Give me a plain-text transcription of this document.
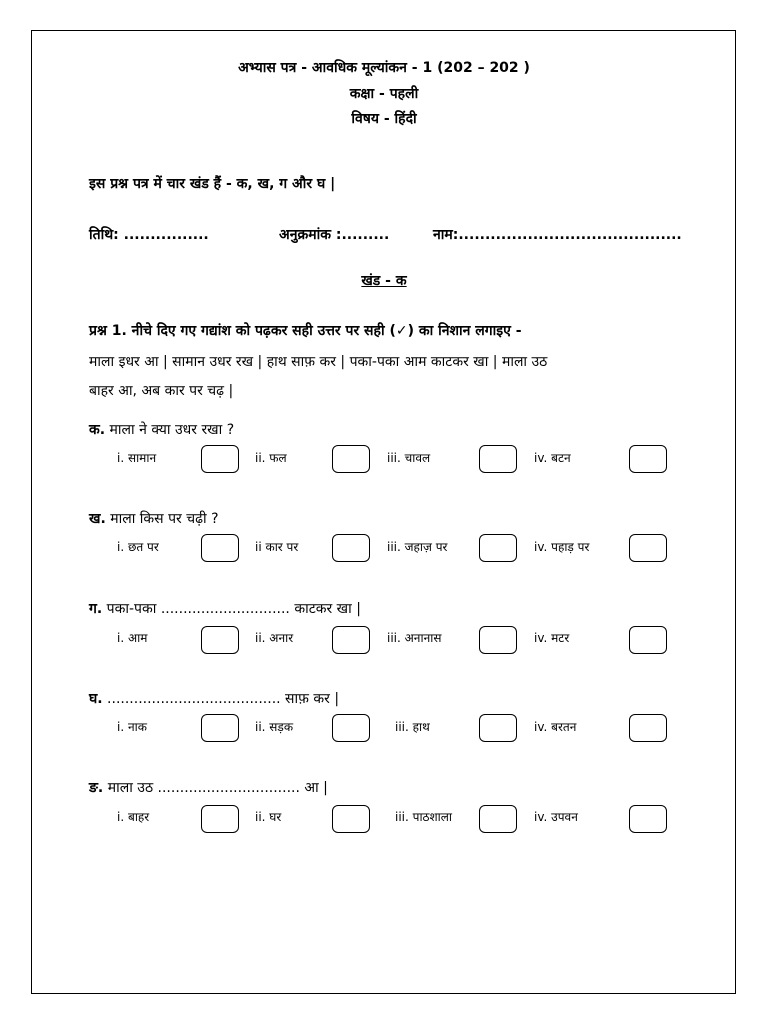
अभ्यास पत्र - आवधिक मूल्यांकन - 1 (202 – 202 )
कक्षा - पहली
विषय - हिंदी
इस प्रश्न पत्र में चार खंड हैं - क, ख, ग और घ |
तिथि: ................	अनुक्रमांक :.........	नाम:..........................................
खंड - क
प्रश्न 1. नीचे दिए गए गद्यांश को पढ़कर सही उत्तर पर सही (✓) का निशान लगाइए -
माला इधर आ | सामान उधर रख | हाथ साफ़ कर | पका-पका आम काटकर खा | माला उठ
बाहर आ, अब कार पर चढ़ |
क. माला ने क्या उधर रखा ?
i. सामान	ii. फल	iii. चावल	iv. बटन
ख. माला किस पर चढ़ी ?
i. छत पर	ii कार पर	iii. जहाज़ पर	iv. पहाड़ पर
ग. पका-पका ............................. काटकर खा |
i. आम	ii. अनार	iii. अनानास	iv. मटर
घ. ....................................... साफ़ कर |
i. नाक	ii. सड़क	iii. हाथ	iv. बरतन
ङ. माला उठ ................................ आ |
i. बाहर	ii. घर	iii. पाठशाला	iv. उपवन
